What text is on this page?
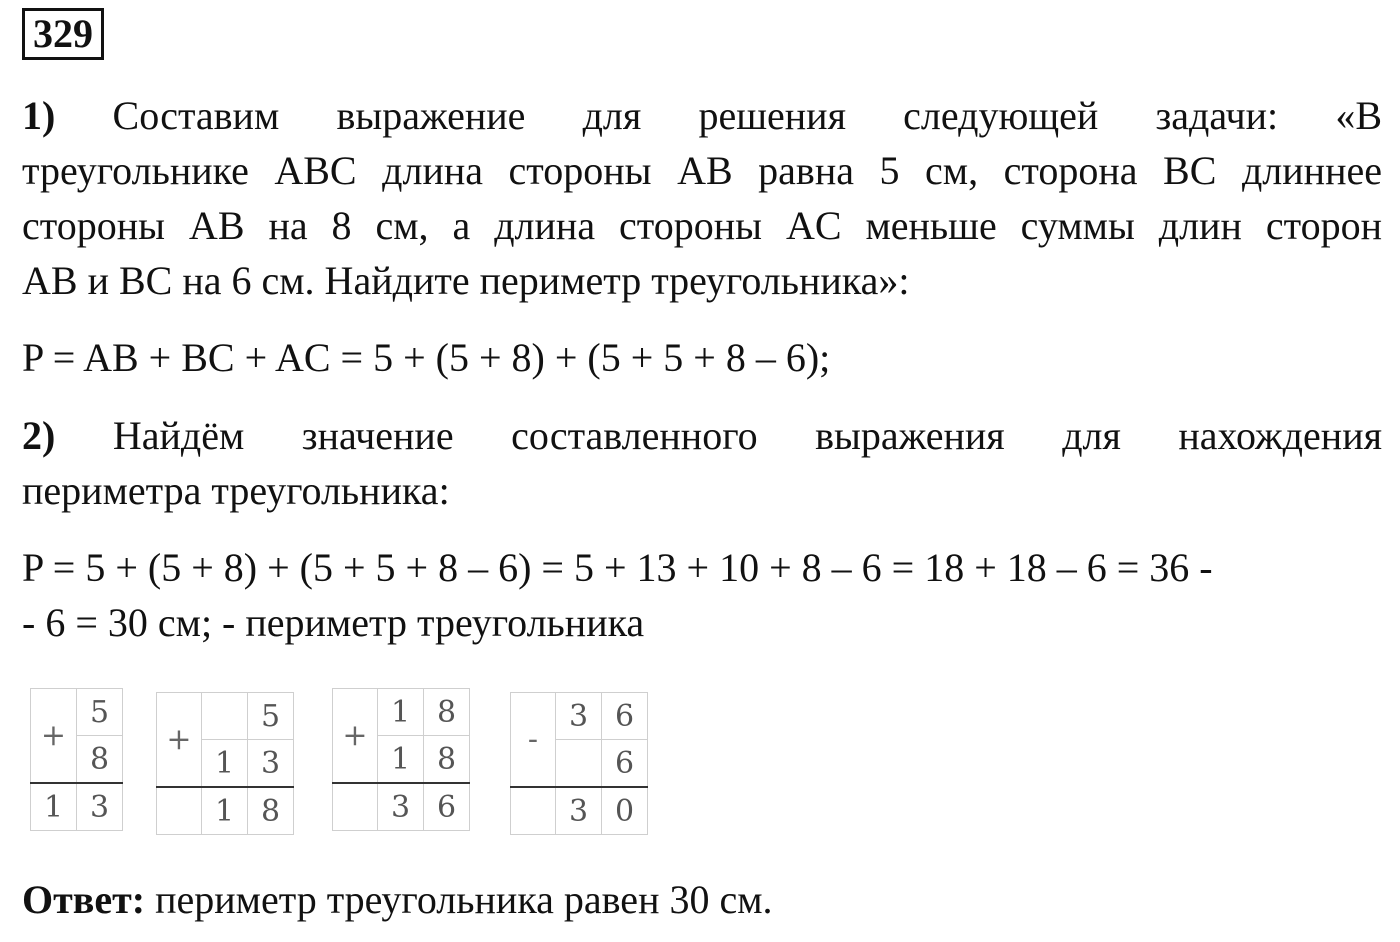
329
1) Составим выражение для решения следующей задачи: «В
треугольнике ABC длина стороны AB равна 5 см, сторона BC длиннее
стороны AB на 8 см, а длина стороны AC меньше суммы длин сторон
AB и BC на 6 см. Найдите периметр треугольника»:
P = AB + BC + AC = 5 + (5 + 8) + (5 + 5 + 8 – 6);
2) Найдём значение составленного выражения для нахождения
периметра треугольника:
P = 5 + (5 + 8) + (5 + 5 + 8 – 6) = 5 + 13 + 10 + 8 – 6 = 18 + 18 – 6 = 36 -
- 6 = 30 см; - периметр треугольника
+	5
	8
1	3
+		5
	1	3
	1	8
+	1	8
	1	8
	3	6
-	3	6
		6
	3	0
Ответ: периметр треугольника равен 30 см.
